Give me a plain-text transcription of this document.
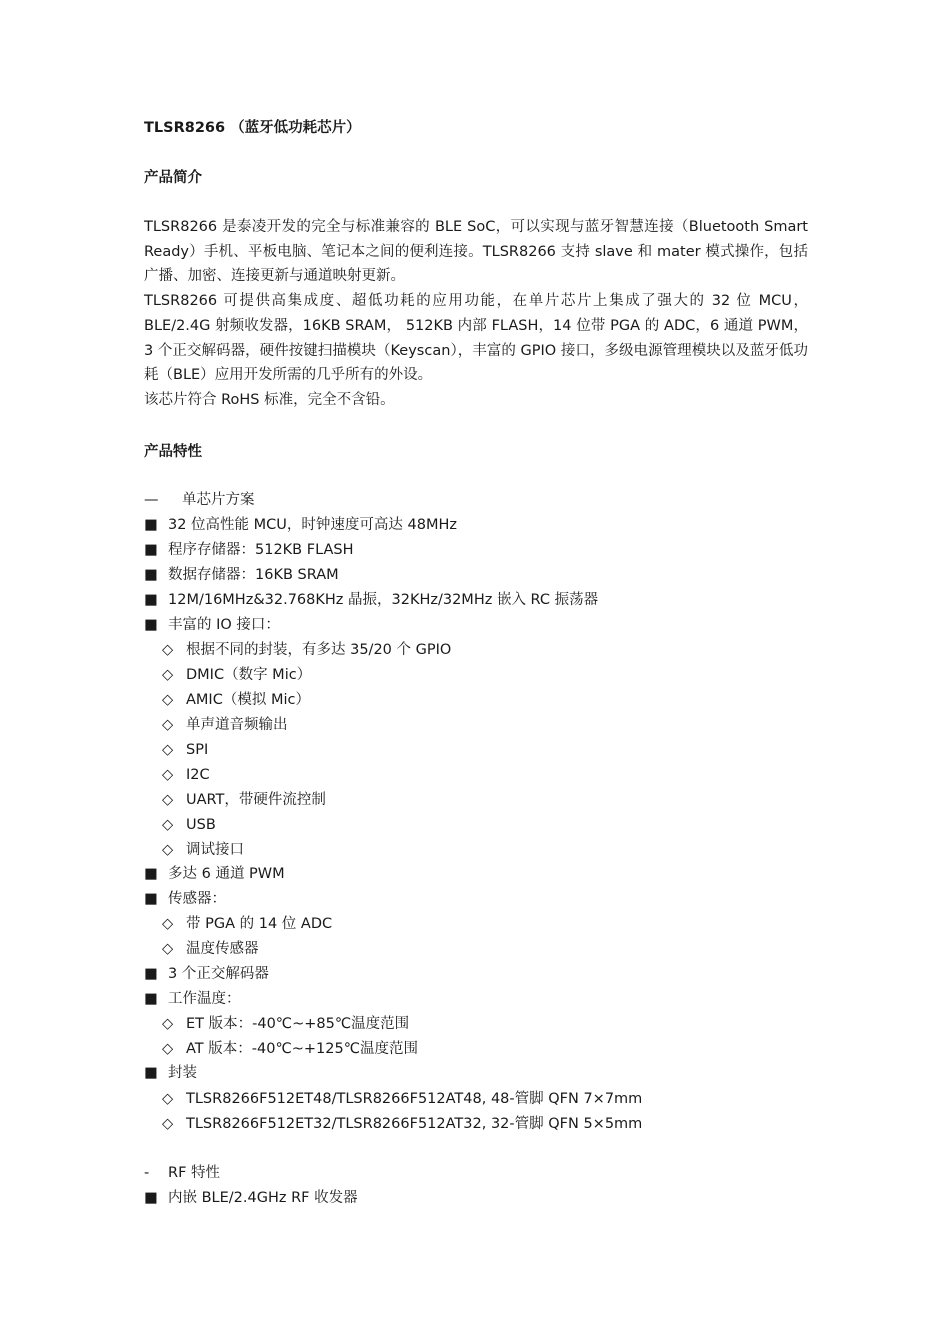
TLSR8266 （蓝牙低功耗芯片）
产品简介

TLSR8266 是泰凌开发的完全与标准兼容的 BLE SoC，可以实现与蓝牙智慧连接（Bluetooth Smart Ready）手机、平板电脑、笔记本之间的便利连接。TLSR8266 支持 slave 和 mater 模式操作，包括广播、加密、连接更新与通道映射更新。

TLSR8266 可提供高集成度、超低功耗的应用功能，在单片芯片上集成了强大的 32 位 MCU，BLE/2.4G 射频收发器，16KB SRAM， 512KB 内部 FLASH，14 位带 PGA 的 ADC，6 通道 PWM，3 个正交解码器，硬件按键扫描模块（Keyscan），丰富的 GPIO 接口，多级电源管理模块以及蓝牙低功耗（BLE）应用开发所需的几乎所有的外设。

该芯片符合 RoHS 标准，完全不含铅。

产品特性
— 单芯片方案
■ 32 位高性能 MCU，时钟速度可高达 48MHz
■ 程序存储器：512KB FLASH
■ 数据存储器：16KB SRAM
■ 12M/16MHz&32.768KHz 晶振，32KHz/32MHz 嵌入 RC 振荡器
■ 丰富的 IO 接口：
◇ 根据不同的封装，有多达 35/20 个 GPIO
◇ DMIC（数字 Mic）
◇ AMIC（模拟 Mic）
◇ 单声道音频输出
◇ SPI
◇ I2C
◇ UART，带硬件流控制
◇ USB
◇ 调试接口
■ 多达 6 通道 PWM
■ 传感器：
◇ 带 PGA 的 14 位 ADC
◇ 温度传感器
■ 3 个正交解码器
■ 工作温度：
◇ ET 版本：-40℃~+85℃温度范围
◇ AT 版本：-40℃~+125℃温度范围
■ 封装
◇ TLSR8266F512ET48/TLSR8266F512AT48, 48-管脚 QFN 7×7mm
◇ TLSR8266F512ET32/TLSR8266F512AT32, 32-管脚 QFN 5×5mm
- RF 特性
■ 内嵌 BLE/2.4GHz RF 收发器
